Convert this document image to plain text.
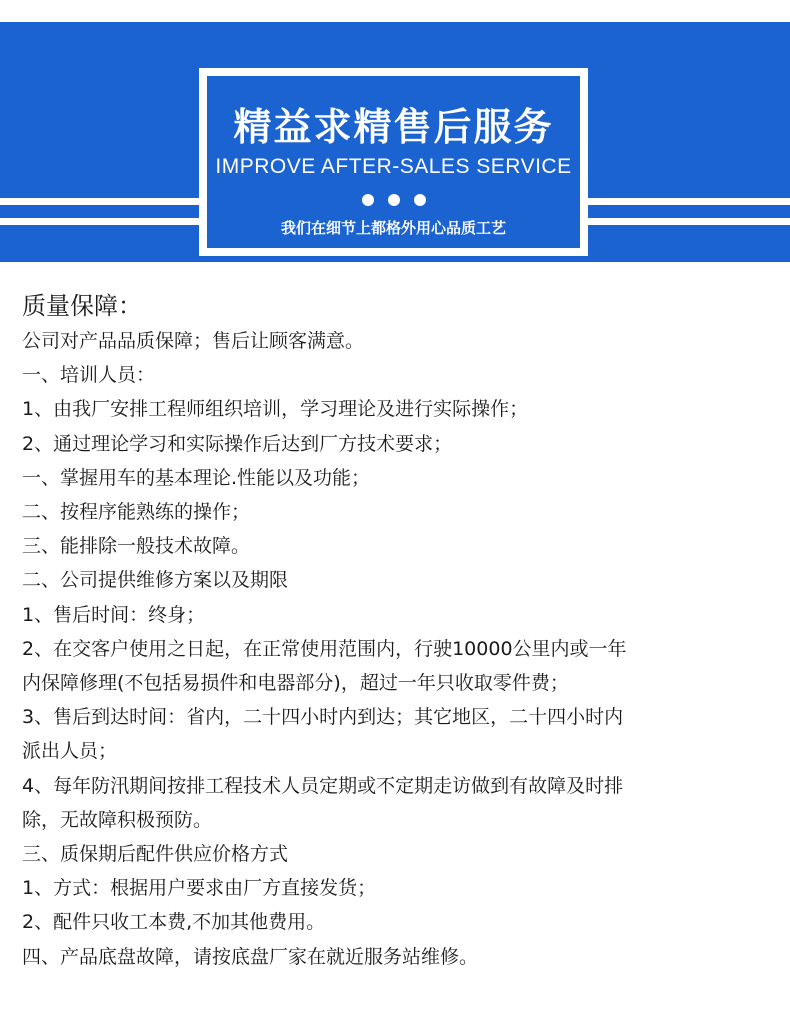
精益求精售后服务
IMPROVE AFTER-SALES SERVICE
我们在细节上都格外用心品质工艺

质量保障：

公司对产品品质保障；售后让顾客满意。

一、培训人员：

1、由我厂安排工程师组织培训，学习理论及进行实际操作；

2、通过理论学习和实际操作后达到厂方技术要求；

一、掌握用车的基本理论.性能以及功能；

二、按程序能熟练的操作；

三、能排除一般技术故障。

二、公司提供维修方案以及期限

1、售后时间：终身；

2、在交客户使用之日起，在正常使用范围内，行驶10000公里内或一年

内保障修理(不包括易损件和电器部分)，超过一年只收取零件费；

3、售后到达时间：省内，二十四小时内到达；其它地区，二十四小时内

派出人员；

4、每年防汛期间按排工程技术人员定期或不定期走访做到有故障及时排

除，无故障积极预防。

三、质保期后配件供应价格方式

1、方式：根据用户要求由厂方直接发货；

2、配件只收工本费,不加其他费用。

四、产品底盘故障，请按底盘厂家在就近服务站维修。
